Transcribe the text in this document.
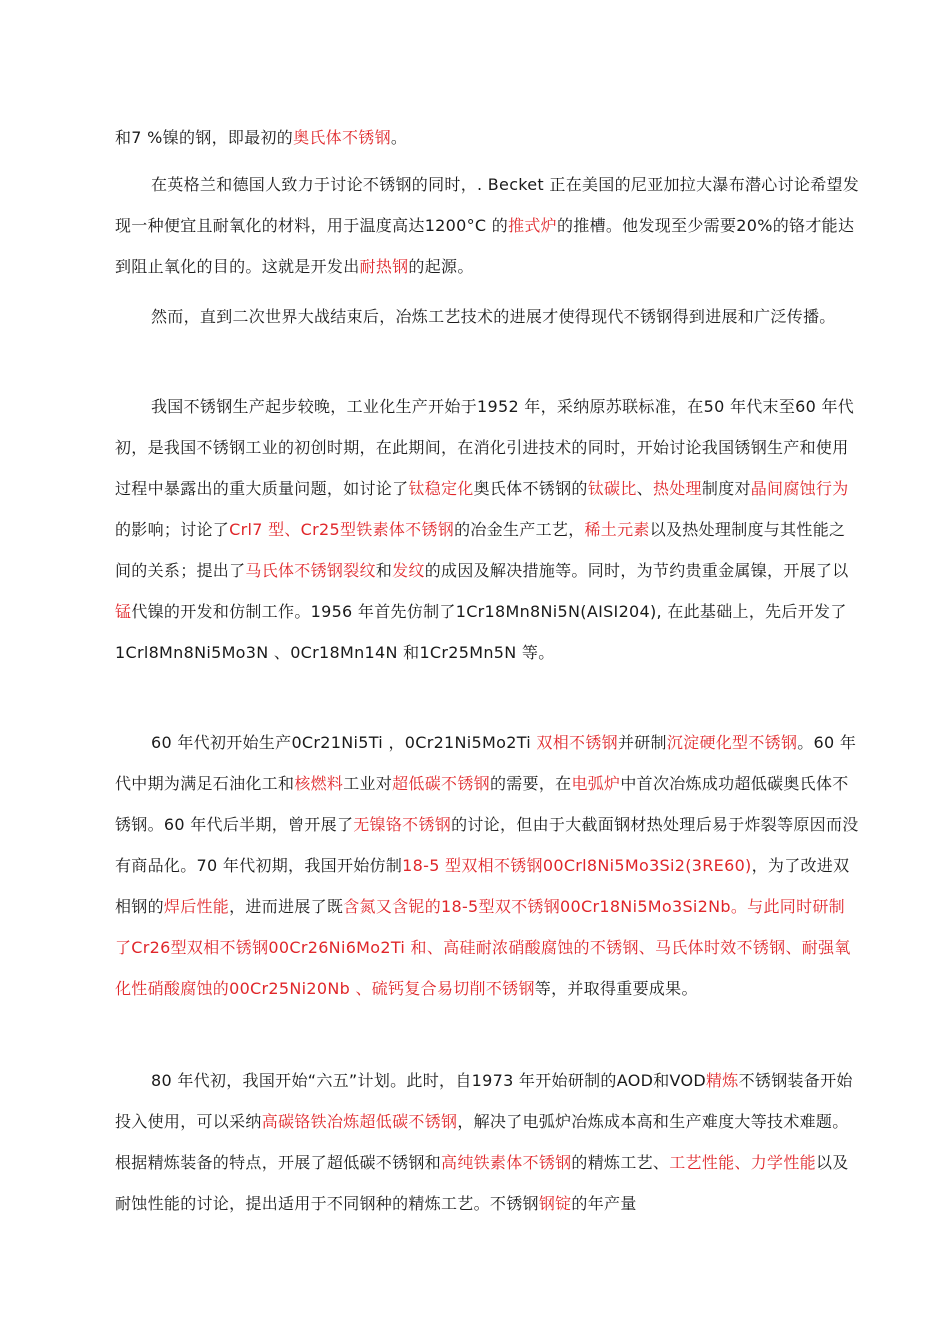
和7 %镍的钢，即最初的奥氏体不锈钢。

在英格兰和德国人致力于讨论不锈钢的同时，. Becket 正在美国的尼亚加拉大瀑布潜心讨论希望发现一种便宜且耐氧化的材料，用于温度高达1200°C 的推式炉的推槽。他发现至少需要20%的铬才能达到阻止氧化的目的。这就是开发出耐热钢的起源。

然而，直到二次世界大战结束后，冶炼工艺技术的进展才使得现代不锈钢得到进展和广泛传播。

我国不锈钢生产起步较晚，工业化生产开始于1952 年，采纳原苏联标准，在50 年代末至60 年代初，是我国不锈钢工业的初创时期，在此期间，在消化引进技术的同时，开始讨论我国锈钢生产和使用过程中暴露出的重大质量问题，如讨论了钛稳定化奥氏体不锈钢的钛碳比、热处理制度对晶间腐蚀行为的影响；讨论了Crl7 型、Cr25型铁素体不锈钢的冶金生产工艺，稀土元素以及热处理制度与其性能之间的关系；提出了马氏体不锈钢裂纹和发纹的成因及解决措施等。同时，为节约贵重金属镍，开展了以锰代镍的开发和仿制工作。1956 年首先仿制了1Cr18Mn8Ni5N(AISI204), 在此基础上，先后开发了1Crl8Mn8Ni5Mo3N 、0Cr18Mn14N 和1Cr25Mn5N 等。

60 年代初开始生产0Cr21Ni5Ti ，0Cr21Ni5Mo2Ti 双相不锈钢并研制沉淀硬化型不锈钢。60 年代中期为满足石油化工和核燃料工业对超低碳不锈钢的需要，在电弧炉中首次冶炼成功超低碳奥氏体不锈钢。60 年代后半期，曾开展了无镍铬不锈钢的讨论，但由于大截面钢材热处理后易于炸裂等原因而没有商品化。70 年代初期，我国开始仿制18-5 型双相不锈钢00Crl8Ni5Mo3Si2(3RE60)，为了改进双相钢的焊后性能，进而进展了既含氮又含铌的18-5型双不锈钢00Cr18Ni5Mo3Si2Nb。与此同时研制了Cr26型双相不锈钢00Cr26Ni6Mo2Ti 和、高硅耐浓硝酸腐蚀的不锈钢、马氏体时效不锈钢、耐强氧化性硝酸腐蚀的00Cr25Ni20Nb 、硫钙复合易切削不锈钢等，并取得重要成果。

80 年代初，我国开始“六五”计划。此时，自1973 年开始研制的AOD和VOD精炼不锈钢装备开始投入使用，可以采纳高碳铬铁冶炼超低碳不锈钢，解决了电弧炉冶炼成本高和生产难度大等技术难题。根据精炼装备的特点，开展了超低碳不锈钢和高纯铁素体不锈钢的精炼工艺、工艺性能、力学性能以及耐蚀性能的讨论，提出适用于不同钢种的精炼工艺。不锈钢钢锭的年产量
